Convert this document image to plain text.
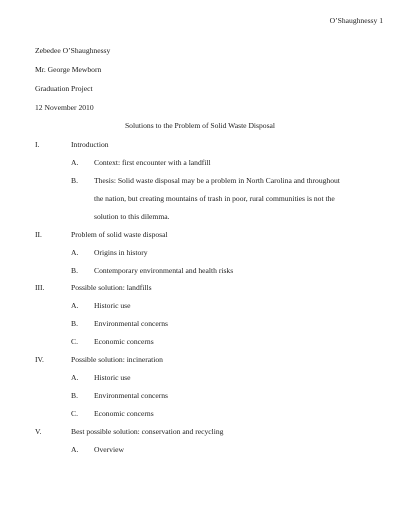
O’Shaughnessy 1
Zebedee O’Shaughnessy
Mr. George Mewborn
Graduation Project
12 November 2010
Solutions to the Problem of Solid Waste Disposal
I.	Introduction
A. Context: first encounter with a landfill
B. Thesis: Solid waste disposal may be a problem in North Carolina and throughout
the nation, but creating mountains of trash in poor, rural communities is not the
solution to this dilemma.
II.	Problem of solid waste disposal
A. Origins in history
B. Contemporary environmental and health risks
III.	Possible solution: landfills
A. Historic use
B. Environmental concerns
C. Economic concerns
IV.	Possible solution: incineration
A. Historic use
B. Environmental concerns
C. Economic concerns
V.	Best possible solution: conservation and recycling
A. Overview
